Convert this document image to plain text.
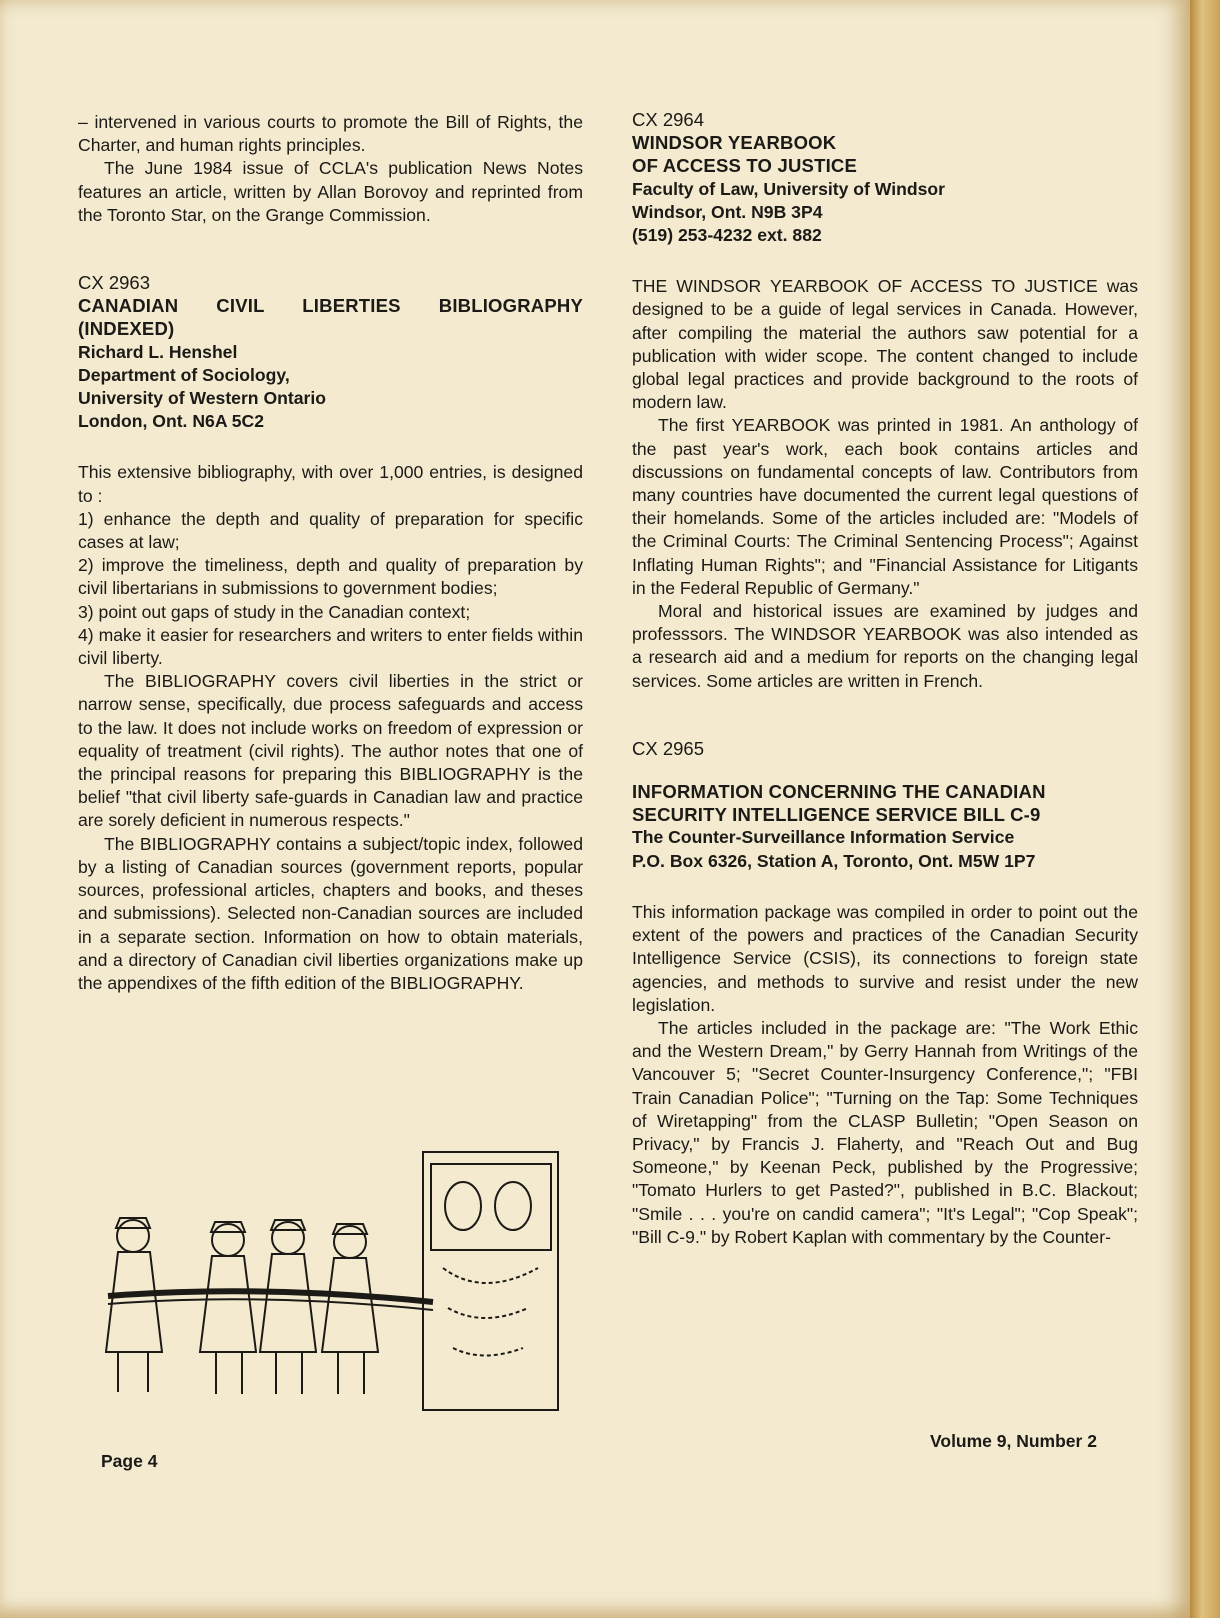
– intervened in various courts to promote the Bill of Rights, the Charter, and human rights principles.

The June 1984 issue of CCLA's publication News Notes features an article, written by Allan Borovoy and reprinted from the Toronto Star, on the Grange Commission.

CX 2963

CANADIAN CIVIL LIBERTIES BIBLIOGRAPHY (INDEXED)

Richard L. Henshel

Department of Sociology,

University of Western Ontario

London, Ont. N6A 5C2

This extensive bibliography, with over 1,000 entries, is designed to :

1) enhance the depth and quality of preparation for specific cases at law;

2) improve the timeliness, depth and quality of preparation by civil libertarians in submissions to government bodies;

3) point out gaps of study in the Canadian context;

4) make it easier for researchers and writers to enter fields within civil liberty.

The BIBLIOGRAPHY covers civil liberties in the strict or narrow sense, specifically, due process safeguards and access to the law. It does not include works on freedom of expression or equality of treatment (civil rights). The author notes that one of the principal reasons for preparing this BIBLIOGRAPHY is the belief "that civil liberty safe-guards in Canadian law and practice are sorely deficient in numerous respects."

The BIBLIOGRAPHY contains a subject/topic index, followed by a listing of Canadian sources (government reports, popular sources, professional articles, chapters and books, and theses and submissions). Selected non-Canadian sources are included in a separate section. Information on how to obtain materials, and a directory of Canadian civil liberties organizations make up the appendixes of the fifth edition of the BIBLIOGRAPHY.

CX 2964

WINDSOR YEARBOOK

OF ACCESS TO JUSTICE

Faculty of Law, University of Windsor

Windsor, Ont. N9B 3P4

(519) 253-4232 ext. 882

THE WINDSOR YEARBOOK OF ACCESS TO JUSTICE was designed to be a guide of legal services in Canada. However, after compiling the material the authors saw potential for a publication with wider scope. The content changed to include global legal practices and provide background to the roots of modern law.

The first YEARBOOK was printed in 1981. An anthology of the past year's work, each book contains articles and discussions on fundamental concepts of law. Contributors from many countries have documented the current legal questions of their homelands. Some of the articles included are: "Models of the Criminal Courts: The Criminal Sentencing Process"; Against Inflating Human Rights"; and "Financial Assistance for Litigants in the Federal Republic of Germany."

Moral and historical issues are examined by judges and professsors. The WINDSOR YEARBOOK was also intended as a research aid and a medium for reports on the changing legal services. Some articles are written in French.

CX 2965

INFORMATION CONCERNING THE CANADIAN

SECURITY INTELLIGENCE SERVICE BILL C-9

The Counter-Surveillance Information Service

P.O. Box 6326, Station A, Toronto, Ont. M5W 1P7

This information package was compiled in order to point out the extent of the powers and practices of the Canadian Security Intelligence Service (CSIS), its connections to foreign state agencies, and methods to survive and resist under the new legislation.

The articles included in the package are: "The Work Ethic and the Western Dream," by Gerry Hannah from Writings of the Vancouver 5; "Secret Counter-Insurgency Conference,"; "FBI Train Canadian Police"; "Turning on the Tap: Some Techniques of Wiretapping" from the CLASP Bulletin; "Open Season on Privacy," by Francis J. Flaherty, and "Reach Out and Bug Someone," by Keenan Peck, published by the Progressive; "Tomato Hurlers to get Pasted?", published in B.C. Blackout; "Smile . . . you're on candid camera"; "It's Legal"; "Cop Speak"; "Bill C-9." by Robert Kaplan with commentary by the Counter-

Page 4
Volume 9, Number 2
